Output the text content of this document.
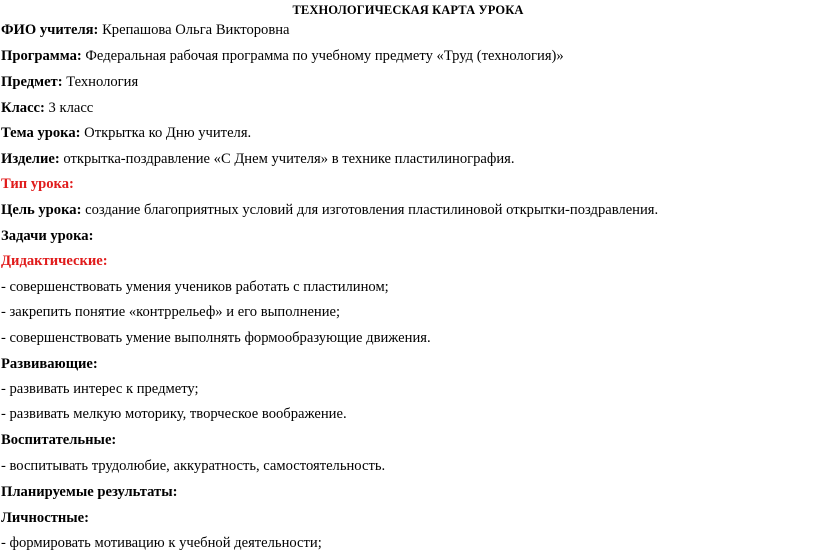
ТЕХНОЛОГИЧЕСКАЯ КАРТА УРОКА
ФИО учителя: Крепашова Ольга Викторовна
Программа: Федеральная рабочая программа по учебному предмету «Труд (технология)»
Предмет: Технология
Класс: 3 класс
Тема урока: Открытка ко Дню учителя.
Изделие: открытка-поздравление «С Днем учителя» в технике пластилинография.
Тип урока:
Цель урока: создание благоприятных условий для изготовления пластилиновой открытки-поздравления.
Задачи урока:
Дидактические:
- совершенствовать умения учеников работать с пластилином;
- закрепить понятие «контррельеф» и его выполнение;
- совершенствовать умение выполнять формообразующие движения.
Развивающие:
- развивать интерес к предмету;
- развивать мелкую моторику, творческое воображение.
Воспитательные:
- воспитывать трудолюбие, аккуратность, самостоятельность.
Планируемые результаты:
Личностные:
- формировать мотивацию к учебной деятельности;
